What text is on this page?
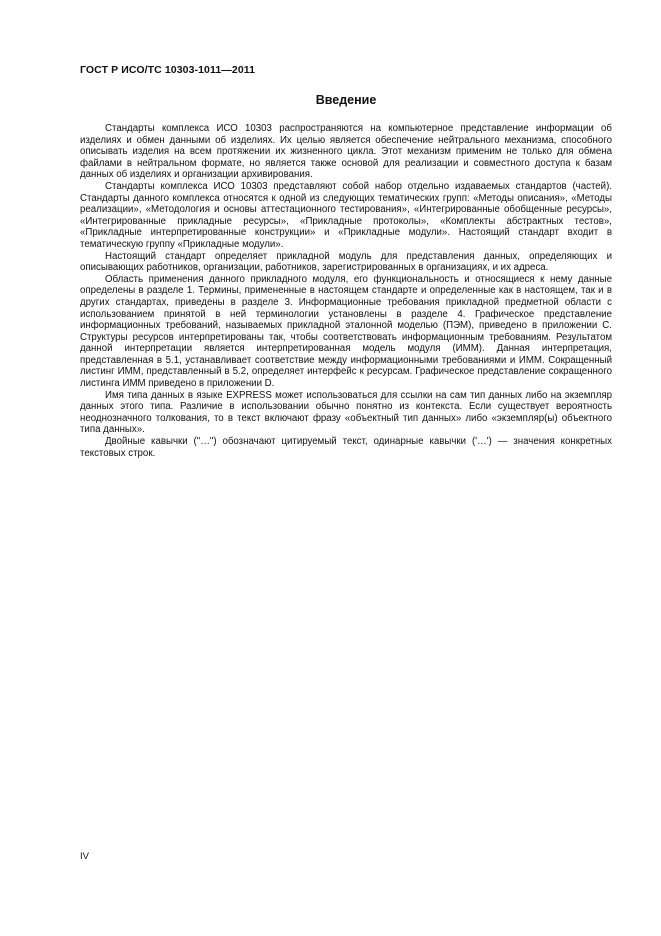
ГОСТ Р ИСО/ТС 10303-1011—2011
Введение

Стандарты комплекса ИСО 10303 распространяются на компьютерное представление информации об изделиях и обмен данными об изделиях. Их целью является обеспечение нейтрального механизма, способного описывать изделия на всем протяжении их жизненного цикла. Этот механизм применим не только для обмена файлами в нейтральном формате, но является также основой для реализации и совместного доступа к базам данных об изделиях и организации архивирования.

Стандарты комплекса ИСО 10303 представляют собой набор отдельно издаваемых стандартов (частей). Стандарты данного комплекса относятся к одной из следующих тематических групп: «Методы описания», «Методы реализации», «Методология и основы аттестационного тестирования», «Интегрированные обобщенные ресурсы», «Интегрированные прикладные ресурсы», «Прикладные протоколы», «Комплекты абстрактных тестов», «Прикладные интерпретированные конструкции» и «Прикладные модули». Настоящий стандарт входит в тематическую группу «Прикладные модули».

Настоящий стандарт определяет прикладной модуль для представления данных, определяющих и описывающих работников, организации, работников, зарегистрированных в организациях, и их адреса.

Область применения данного прикладного модуля, его функциональность и относящиеся к нему данные определены в разделе 1. Термины, примененные в настоящем стандарте и определенные как в настоящем, так и в других стандартах, приведены в разделе 3. Информационные требования прикладной предметной области с использованием принятой в ней терминологии установлены в разделе 4. Графическое представление информационных требований, называемых прикладной эталонной моделью (ПЭМ), приведено в приложении С. Структуры ресурсов интерпретированы так, чтобы соответствовать информационным требованиям. Результатом данной интерпретации является интерпретированная модель модуля (ИММ). Данная интерпретация, представленная в 5.1, устанавливает соответствие между информационными требованиями и ИММ. Сокращенный листинг ИММ, представленный в 5.2, определяет интерфейс к ресурсам. Графическое представление сокращенного листинга ИММ приведено в приложении D.

Имя типа данных в языке EXPRESS может использоваться для ссылки на сам тип данных либо на экземпляр данных этого типа. Различие в использовании обычно понятно из контекста. Если существует вероятность неоднозначного толкования, то в текст включают фразу «объектный тип данных» либо «экземпляр(ы) объектного типа данных».

Двойные кавычки ("…") обозначают цитируемый текст, одинарные кавычки ('…') — значения конкретных текстовых строк.

IV
